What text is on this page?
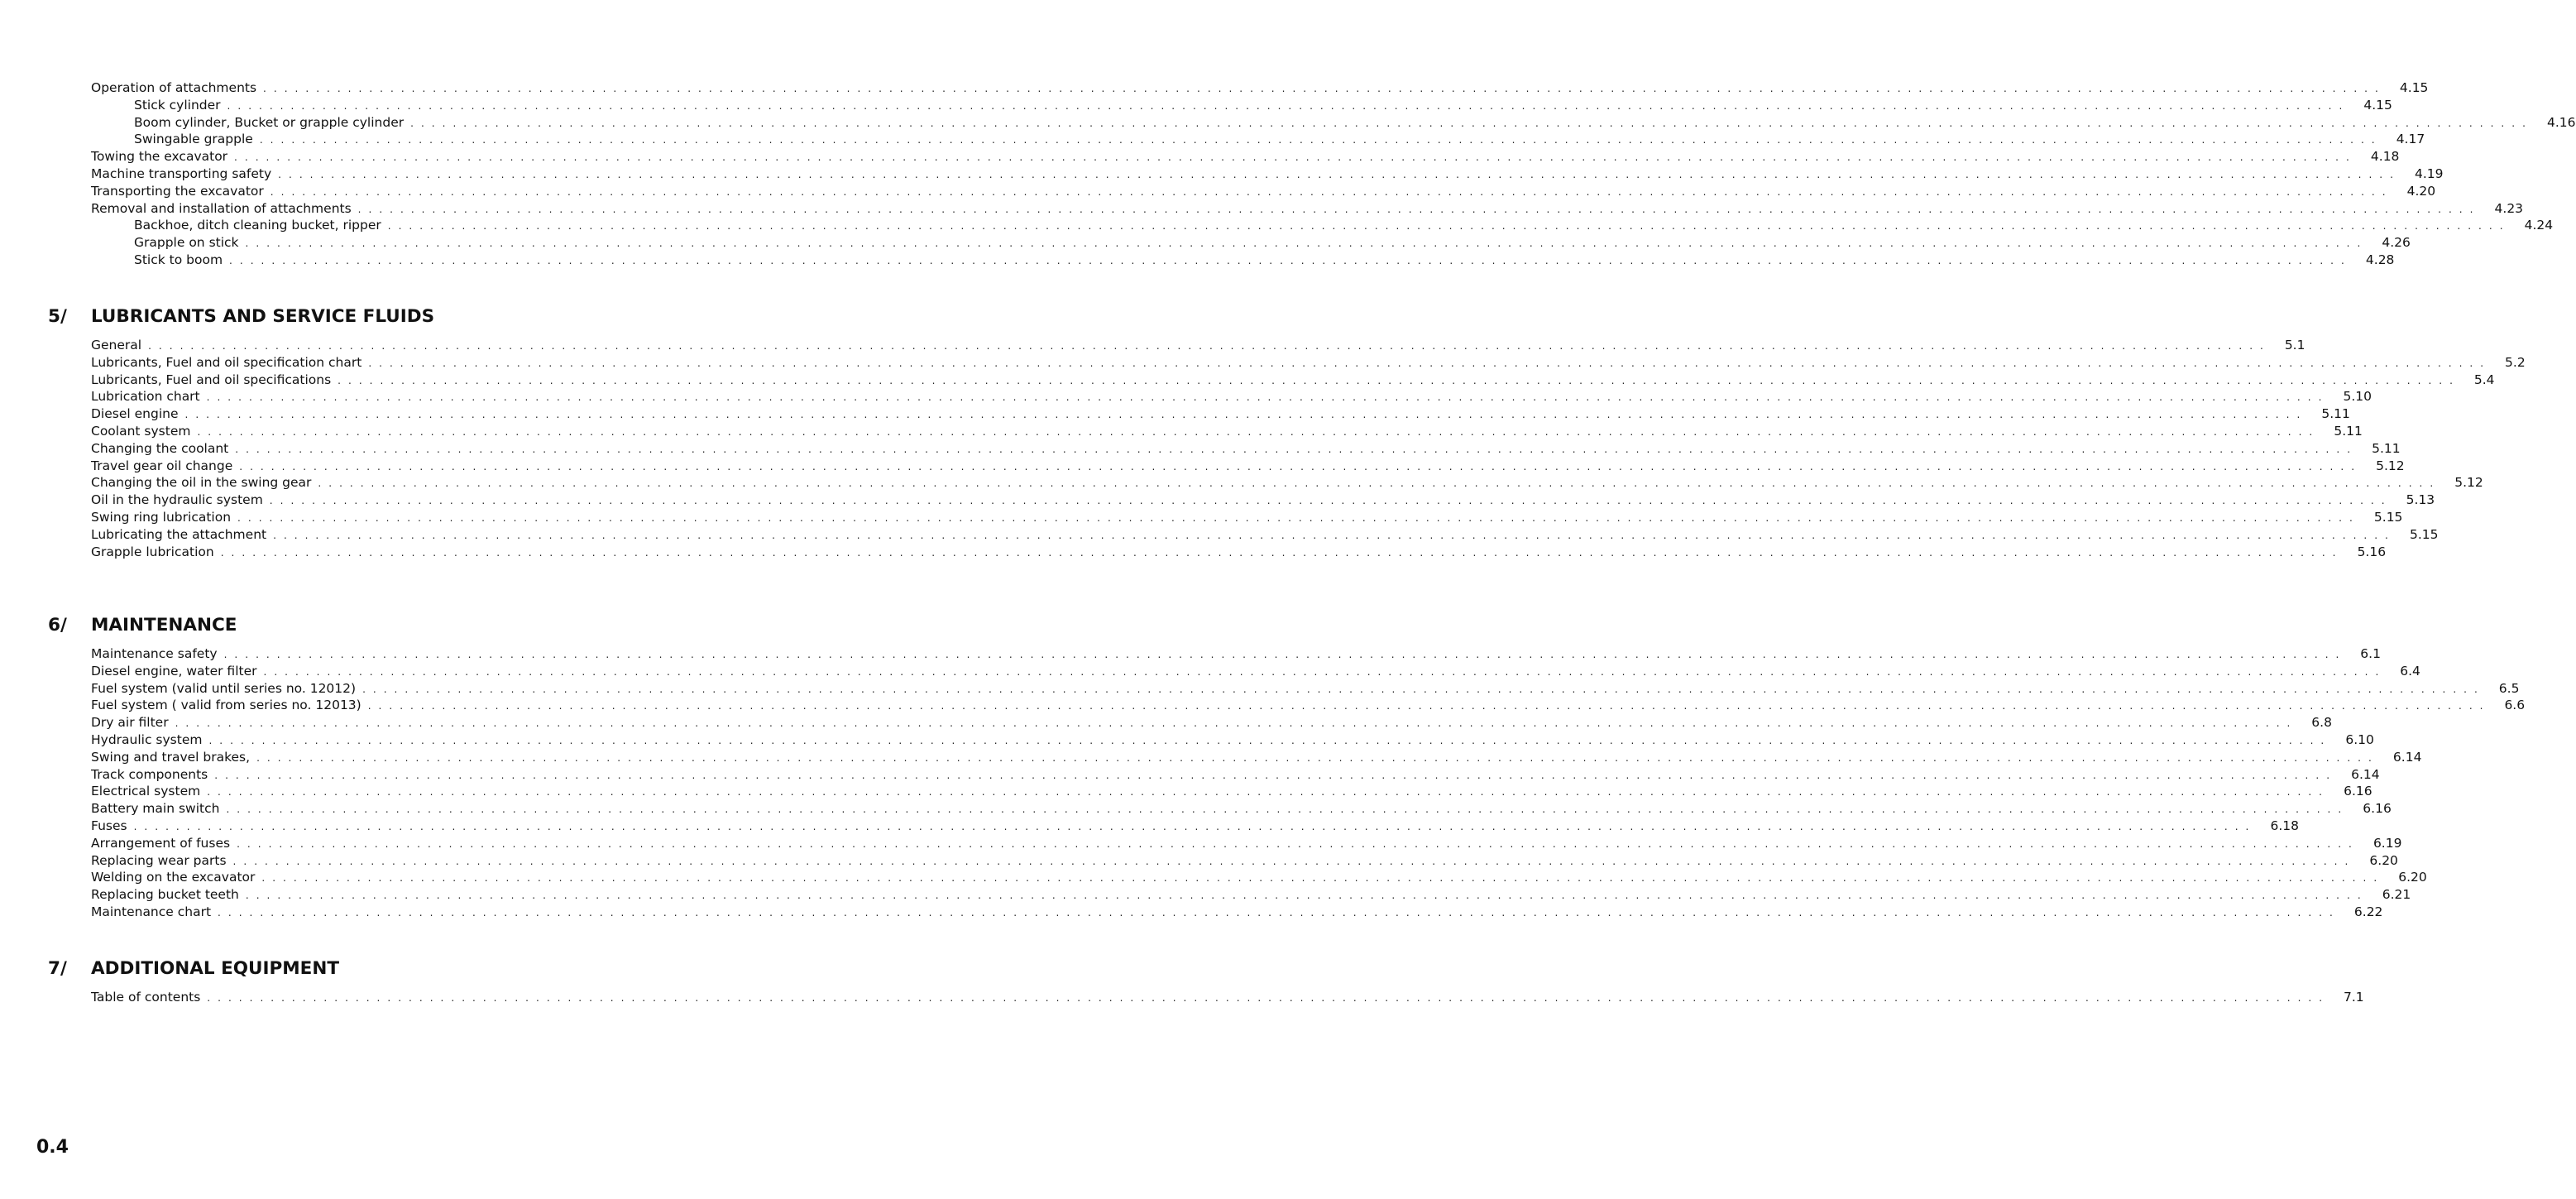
Operation of attachments . . . . . . . . . . . . . . . . . . . . . . . . . . . . . . . . . . . . . . . . . . . . . . . . . . . . . . . . . . . . . . . . . . . . . . . . . . . . . . . . . . . . . . . . . . . . . . . . . . . . . . . . . . . . . . . . . . . . . . . . . . . . . . . . . . . . . . . . . . . . . . . . . . . . . . . . . . . . . . . . . . . . . . . . . . . . . . . . . . . . . . . . . . . . . . . . . . . . . . . .	4.15
Stick cylinder . . . . . . . . . . . . . . . . . . . . . . . . . . . . . . . . . . . . . . . . . . . . . . . . . . . . . . . . . . . . . . . . . . . . . . . . . . . . . . . . . . . . . . . . . . . . . . . . . . . . . . . . . . . . . . . . . . . . . . . . . . . . . . . . . . . . . . . . . . . . . . . . . . . . . . . . . . . . . . . . . . . . . . . . . . . . . . . . . . . . . . . . . . . . . . . . . . . . . . . .	4.15
Boom cylinder, Bucket or grapple cylinder . . . . . . . . . . . . . . . . . . . . . . . . . . . . . . . . . . . . . . . . . . . . . . . . . . . . . . . . . . . . . . . . . . . . . . . . . . . . . . . . . . . . . . . . . . . . . . . . . . . . . . . . . . . . . . . . . . . . . . . . . . . . . . . . . . . . . . . . . . . . . . . . . . . . . . . . . . . . . . . . . . . . . . . . . . . . . . . . . . . . . . . . . . . . . . . . . . . . . . . .	4.16
Swingable grapple . . . . . . . . . . . . . . . . . . . . . . . . . . . . . . . . . . . . . . . . . . . . . . . . . . . . . . . . . . . . . . . . . . . . . . . . . . . . . . . . . . . . . . . . . . . . . . . . . . . . . . . . . . . . . . . . . . . . . . . . . . . . . . . . . . . . . . . . . . . . . . . . . . . . . . . . . . . . . . . . . . . . . . . . . . . . . . . . . . . . . . . . . . . . . . . . . . . . . . . .	4.17
Towing the excavator . . . . . . . . . . . . . . . . . . . . . . . . . . . . . . . . . . . . . . . . . . . . . . . . . . . . . . . . . . . . . . . . . . . . . . . . . . . . . . . . . . . . . . . . . . . . . . . . . . . . . . . . . . . . . . . . . . . . . . . . . . . . . . . . . . . . . . . . . . . . . . . . . . . . . . . . . . . . . . . . . . . . . . . . . . . . . . . . . . . . . . . . . . . . . . . . . . . . . . . .	4.18
Machine transporting safety . . . . . . . . . . . . . . . . . . . . . . . . . . . . . . . . . . . . . . . . . . . . . . . . . . . . . . . . . . . . . . . . . . . . . . . . . . . . . . . . . . . . . . . . . . . . . . . . . . . . . . . . . . . . . . . . . . . . . . . . . . . . . . . . . . . . . . . . . . . . . . . . . . . . . . . . . . . . . . . . . . . . . . . . . . . . . . . . . . . . . . . . . . . . . . . . . . . . . . . .	4.19
Transporting the excavator . . . . . . . . . . . . . . . . . . . . . . . . . . . . . . . . . . . . . . . . . . . . . . . . . . . . . . . . . . . . . . . . . . . . . . . . . . . . . . . . . . . . . . . . . . . . . . . . . . . . . . . . . . . . . . . . . . . . . . . . . . . . . . . . . . . . . . . . . . . . . . . . . . . . . . . . . . . . . . . . . . . . . . . . . . . . . . . . . . . . . . . . . . . . . . . . . . . . . . . .	4.20
Removal and installation of attachments . . . . . . . . . . . . . . . . . . . . . . . . . . . . . . . . . . . . . . . . . . . . . . . . . . . . . . . . . . . . . . . . . . . . . . . . . . . . . . . . . . . . . . . . . . . . . . . . . . . . . . . . . . . . . . . . . . . . . . . . . . . . . . . . . . . . . . . . . . . . . . . . . . . . . . . . . . . . . . . . . . . . . . . . . . . . . . . . . . . . . . . . . . . . . . . . . . . . . . . .	4.23
Backhoe, ditch cleaning bucket, ripper . . . . . . . . . . . . . . . . . . . . . . . . . . . . . . . . . . . . . . . . . . . . . . . . . . . . . . . . . . . . . . . . . . . . . . . . . . . . . . . . . . . . . . . . . . . . . . . . . . . . . . . . . . . . . . . . . . . . . . . . . . . . . . . . . . . . . . . . . . . . . . . . . . . . . . . . . . . . . . . . . . . . . . . . . . . . . . . . . . . . . . . . . . . . . . . . . . . . . . . .	4.24
Grapple on stick . . . . . . . . . . . . . . . . . . . . . . . . . . . . . . . . . . . . . . . . . . . . . . . . . . . . . . . . . . . . . . . . . . . . . . . . . . . . . . . . . . . . . . . . . . . . . . . . . . . . . . . . . . . . . . . . . . . . . . . . . . . . . . . . . . . . . . . . . . . . . . . . . . . . . . . . . . . . . . . . . . . . . . . . . . . . . . . . . . . . . . . . . . . . . . . . . . . . . . . .	4.26
Stick to boom . . . . . . . . . . . . . . . . . . . . . . . . . . . . . . . . . . . . . . . . . . . . . . . . . . . . . . . . . . . . . . . . . . . . . . . . . . . . . . . . . . . . . . . . . . . . . . . . . . . . . . . . . . . . . . . . . . . . . . . . . . . . . . . . . . . . . . . . . . . . . . . . . . . . . . . . . . . . . . . . . . . . . . . . . . . . . . . . . . . . . . . . . . . . . . . . . . . . . . . .	4.28
5/ LUBRICANTS AND SERVICE FLUIDS
General . . . . . . . . . . . . . . . . . . . . . . . . . . . . . . . . . . . . . . . . . . . . . . . . . . . . . . . . . . . . . . . . . . . . . . . . . . . . . . . . . . . . . . . . . . . . . . . . . . . . . . . . . . . . . . . . . . . . . . . . . . . . . . . . . . . . . . . . . . . . . . . . . . . . . . . . . . . . . . . . . . . . . . . . . . . . . . . . . . . . . . . . . . . . . . . . . . . . . . . .	5.1
Lubricants, Fuel and oil specification chart . . . . . . . . . . . . . . . . . . . . . . . . . . . . . . . . . . . . . . . . . . . . . . . . . . . . . . . . . . . . . . . . . . . . . . . . . . . . . . . . . . . . . . . . . . . . . . . . . . . . . . . . . . . . . . . . . . . . . . . . . . . . . . . . . . . . . . . . . . . . . . . . . . . . . . . . . . . . . . . . . . . . . . . . . . . . . . . . . . . . . . . . . . . . . . . . . . . . . . . .	5.2
Lubricants, Fuel and oil specifications . . . . . . . . . . . . . . . . . . . . . . . . . . . . . . . . . . . . . . . . . . . . . . . . . . . . . . . . . . . . . . . . . . . . . . . . . . . . . . . . . . . . . . . . . . . . . . . . . . . . . . . . . . . . . . . . . . . . . . . . . . . . . . . . . . . . . . . . . . . . . . . . . . . . . . . . . . . . . . . . . . . . . . . . . . . . . . . . . . . . . . . . . . . . . . . . . . . . . . . .	5.4
Lubrication chart . . . . . . . . . . . . . . . . . . . . . . . . . . . . . . . . . . . . . . . . . . . . . . . . . . . . . . . . . . . . . . . . . . . . . . . . . . . . . . . . . . . . . . . . . . . . . . . . . . . . . . . . . . . . . . . . . . . . . . . . . . . . . . . . . . . . . . . . . . . . . . . . . . . . . . . . . . . . . . . . . . . . . . . . . . . . . . . . . . . . . . . . . . . . . . . . . . . . . . . .	5.10
Diesel engine . . . . . . . . . . . . . . . . . . . . . . . . . . . . . . . . . . . . . . . . . . . . . . . . . . . . . . . . . . . . . . . . . . . . . . . . . . . . . . . . . . . . . . . . . . . . . . . . . . . . . . . . . . . . . . . . . . . . . . . . . . . . . . . . . . . . . . . . . . . . . . . . . . . . . . . . . . . . . . . . . . . . . . . . . . . . . . . . . . . . . . . . . . . . . . . . . . . . . . . .	5.11
Coolant system . . . . . . . . . . . . . . . . . . . . . . . . . . . . . . . . . . . . . . . . . . . . . . . . . . . . . . . . . . . . . . . . . . . . . . . . . . . . . . . . . . . . . . . . . . . . . . . . . . . . . . . . . . . . . . . . . . . . . . . . . . . . . . . . . . . . . . . . . . . . . . . . . . . . . . . . . . . . . . . . . . . . . . . . . . . . . . . . . . . . . . . . . . . . . . . . . . . . . . . .	5.11
Changing the coolant . . . . . . . . . . . . . . . . . . . . . . . . . . . . . . . . . . . . . . . . . . . . . . . . . . . . . . . . . . . . . . . . . . . . . . . . . . . . . . . . . . . . . . . . . . . . . . . . . . . . . . . . . . . . . . . . . . . . . . . . . . . . . . . . . . . . . . . . . . . . . . . . . . . . . . . . . . . . . . . . . . . . . . . . . . . . . . . . . . . . . . . . . . . . . . . . . . . . . . . .	5.11
Travel gear oil change . . . . . . . . . . . . . . . . . . . . . . . . . . . . . . . . . . . . . . . . . . . . . . . . . . . . . . . . . . . . . . . . . . . . . . . . . . . . . . . . . . . . . . . . . . . . . . . . . . . . . . . . . . . . . . . . . . . . . . . . . . . . . . . . . . . . . . . . . . . . . . . . . . . . . . . . . . . . . . . . . . . . . . . . . . . . . . . . . . . . . . . . . . . . . . . . . . . . . . . .	5.12
Changing the oil in the swing gear . . . . . . . . . . . . . . . . . . . . . . . . . . . . . . . . . . . . . . . . . . . . . . . . . . . . . . . . . . . . . . . . . . . . . . . . . . . . . . . . . . . . . . . . . . . . . . . . . . . . . . . . . . . . . . . . . . . . . . . . . . . . . . . . . . . . . . . . . . . . . . . . . . . . . . . . . . . . . . . . . . . . . . . . . . . . . . . . . . . . . . . . . . . . . . . . . . . . . . . .	5.12
Oil in the hydraulic system . . . . . . . . . . . . . . . . . . . . . . . . . . . . . . . . . . . . . . . . . . . . . . . . . . . . . . . . . . . . . . . . . . . . . . . . . . . . . . . . . . . . . . . . . . . . . . . . . . . . . . . . . . . . . . . . . . . . . . . . . . . . . . . . . . . . . . . . . . . . . . . . . . . . . . . . . . . . . . . . . . . . . . . . . . . . . . . . . . . . . . . . . . . . . . . . . . . . . . . .	5.13
Swing ring lubrication . . . . . . . . . . . . . . . . . . . . . . . . . . . . . . . . . . . . . . . . . . . . . . . . . . . . . . . . . . . . . . . . . . . . . . . . . . . . . . . . . . . . . . . . . . . . . . . . . . . . . . . . . . . . . . . . . . . . . . . . . . . . . . . . . . . . . . . . . . . . . . . . . . . . . . . . . . . . . . . . . . . . . . . . . . . . . . . . . . . . . . . . . . . . . . . . . . . . . . . .	5.15
Lubricating the attachment . . . . . . . . . . . . . . . . . . . . . . . . . . . . . . . . . . . . . . . . . . . . . . . . . . . . . . . . . . . . . . . . . . . . . . . . . . . . . . . . . . . . . . . . . . . . . . . . . . . . . . . . . . . . . . . . . . . . . . . . . . . . . . . . . . . . . . . . . . . . . . . . . . . . . . . . . . . . . . . . . . . . . . . . . . . . . . . . . . . . . . . . . . . . . . . . . . . . . . . .	5.15
Grapple lubrication . . . . . . . . . . . . . . . . . . . . . . . . . . . . . . . . . . . . . . . . . . . . . . . . . . . . . . . . . . . . . . . . . . . . . . . . . . . . . . . . . . . . . . . . . . . . . . . . . . . . . . . . . . . . . . . . . . . . . . . . . . . . . . . . . . . . . . . . . . . . . . . . . . . . . . . . . . . . . . . . . . . . . . . . . . . . . . . . . . . . . . . . . . . . . . . . . . . . . . . .	5.16
6/ MAINTENANCE
Maintenance safety . . . . . . . . . . . . . . . . . . . . . . . . . . . . . . . . . . . . . . . . . . . . . . . . . . . . . . . . . . . . . . . . . . . . . . . . . . . . . . . . . . . . . . . . . . . . . . . . . . . . . . . . . . . . . . . . . . . . . . . . . . . . . . . . . . . . . . . . . . . . . . . . . . . . . . . . . . . . . . . . . . . . . . . . . . . . . . . . . . . . . . . . . . . . . . . . . . . . . . . .	6.1
Diesel engine, water filter . . . . . . . . . . . . . . . . . . . . . . . . . . . . . . . . . . . . . . . . . . . . . . . . . . . . . . . . . . . . . . . . . . . . . . . . . . . . . . . . . . . . . . . . . . . . . . . . . . . . . . . . . . . . . . . . . . . . . . . . . . . . . . . . . . . . . . . . . . . . . . . . . . . . . . . . . . . . . . . . . . . . . . . . . . . . . . . . . . . . . . . . . . . . . . . . . . . . . . . .	6.4
Fuel system (valid until series no. 12012) . . . . . . . . . . . . . . . . . . . . . . . . . . . . . . . . . . . . . . . . . . . . . . . . . . . . . . . . . . . . . . . . . . . . . . . . . . . . . . . . . . . . . . . . . . . . . . . . . . . . . . . . . . . . . . . . . . . . . . . . . . . . . . . . . . . . . . . . . . . . . . . . . . . . . . . . . . . . . . . . . . . . . . . . . . . . . . . . . . . . . . . . . . . . . . . . . . . . . . . .	6.5
Fuel system ( valid from series no. 12013) . . . . . . . . . . . . . . . . . . . . . . . . . . . . . . . . . . . . . . . . . . . . . . . . . . . . . . . . . . . . . . . . . . . . . . . . . . . . . . . . . . . . . . . . . . . . . . . . . . . . . . . . . . . . . . . . . . . . . . . . . . . . . . . . . . . . . . . . . . . . . . . . . . . . . . . . . . . . . . . . . . . . . . . . . . . . . . . . . . . . . . . . . . . . . . . . . . . . . . . .	6.6
Dry air filter . . . . . . . . . . . . . . . . . . . . . . . . . . . . . . . . . . . . . . . . . . . . . . . . . . . . . . . . . . . . . . . . . . . . . . . . . . . . . . . . . . . . . . . . . . . . . . . . . . . . . . . . . . . . . . . . . . . . . . . . . . . . . . . . . . . . . . . . . . . . . . . . . . . . . . . . . . . . . . . . . . . . . . . . . . . . . . . . . . . . . . . . . . . . . . . . . . . . . . . .	6.8
Hydraulic system . . . . . . . . . . . . . . . . . . . . . . . . . . . . . . . . . . . . . . . . . . . . . . . . . . . . . . . . . . . . . . . . . . . . . . . . . . . . . . . . . . . . . . . . . . . . . . . . . . . . . . . . . . . . . . . . . . . . . . . . . . . . . . . . . . . . . . . . . . . . . . . . . . . . . . . . . . . . . . . . . . . . . . . . . . . . . . . . . . . . . . . . . . . . . . . . . . . . . . . .	6.10
Swing and travel brakes, . . . . . . . . . . . . . . . . . . . . . . . . . . . . . . . . . . . . . . . . . . . . . . . . . . . . . . . . . . . . . . . . . . . . . . . . . . . . . . . . . . . . . . . . . . . . . . . . . . . . . . . . . . . . . . . . . . . . . . . . . . . . . . . . . . . . . . . . . . . . . . . . . . . . . . . . . . . . . . . . . . . . . . . . . . . . . . . . . . . . . . . . . . . . . . . . . . . . . . . .	6.14
Track components . . . . . . . . . . . . . . . . . . . . . . . . . . . . . . . . . . . . . . . . . . . . . . . . . . . . . . . . . . . . . . . . . . . . . . . . . . . . . . . . . . . . . . . . . . . . . . . . . . . . . . . . . . . . . . . . . . . . . . . . . . . . . . . . . . . . . . . . . . . . . . . . . . . . . . . . . . . . . . . . . . . . . . . . . . . . . . . . . . . . . . . . . . . . . . . . . . . . . . . .	6.14
Electrical system . . . . . . . . . . . . . . . . . . . . . . . . . . . . . . . . . . . . . . . . . . . . . . . . . . . . . . . . . . . . . . . . . . . . . . . . . . . . . . . . . . . . . . . . . . . . . . . . . . . . . . . . . . . . . . . . . . . . . . . . . . . . . . . . . . . . . . . . . . . . . . . . . . . . . . . . . . . . . . . . . . . . . . . . . . . . . . . . . . . . . . . . . . . . . . . . . . . . . . . .	6.16
Battery main switch . . . . . . . . . . . . . . . . . . . . . . . . . . . . . . . . . . . . . . . . . . . . . . . . . . . . . . . . . . . . . . . . . . . . . . . . . . . . . . . . . . . . . . . . . . . . . . . . . . . . . . . . . . . . . . . . . . . . . . . . . . . . . . . . . . . . . . . . . . . . . . . . . . . . . . . . . . . . . . . . . . . . . . . . . . . . . . . . . . . . . . . . . . . . . . . . . . . . . . . .	6.16
Fuses . . . . . . . . . . . . . . . . . . . . . . . . . . . . . . . . . . . . . . . . . . . . . . . . . . . . . . . . . . . . . . . . . . . . . . . . . . . . . . . . . . . . . . . . . . . . . . . . . . . . . . . . . . . . . . . . . . . . . . . . . . . . . . . . . . . . . . . . . . . . . . . . . . . . . . . . . . . . . . . . . . . . . . . . . . . . . . . . . . . . . . . . . . . . . . . . . . . . . . . .	6.18
Arrangement of fuses . . . . . . . . . . . . . . . . . . . . . . . . . . . . . . . . . . . . . . . . . . . . . . . . . . . . . . . . . . . . . . . . . . . . . . . . . . . . . . . . . . . . . . . . . . . . . . . . . . . . . . . . . . . . . . . . . . . . . . . . . . . . . . . . . . . . . . . . . . . . . . . . . . . . . . . . . . . . . . . . . . . . . . . . . . . . . . . . . . . . . . . . . . . . . . . . . . . . . . . .	6.19
Replacing wear parts . . . . . . . . . . . . . . . . . . . . . . . . . . . . . . . . . . . . . . . . . . . . . . . . . . . . . . . . . . . . . . . . . . . . . . . . . . . . . . . . . . . . . . . . . . . . . . . . . . . . . . . . . . . . . . . . . . . . . . . . . . . . . . . . . . . . . . . . . . . . . . . . . . . . . . . . . . . . . . . . . . . . . . . . . . . . . . . . . . . . . . . . . . . . . . . . . . . . . . . .	6.20
Welding on the excavator . . . . . . . . . . . . . . . . . . . . . . . . . . . . . . . . . . . . . . . . . . . . . . . . . . . . . . . . . . . . . . . . . . . . . . . . . . . . . . . . . . . . . . . . . . . . . . . . . . . . . . . . . . . . . . . . . . . . . . . . . . . . . . . . . . . . . . . . . . . . . . . . . . . . . . . . . . . . . . . . . . . . . . . . . . . . . . . . . . . . . . . . . . . . . . . . . . . . . . . .	6.20
Replacing bucket teeth . . . . . . . . . . . . . . . . . . . . . . . . . . . . . . . . . . . . . . . . . . . . . . . . . . . . . . . . . . . . . . . . . . . . . . . . . . . . . . . . . . . . . . . . . . . . . . . . . . . . . . . . . . . . . . . . . . . . . . . . . . . . . . . . . . . . . . . . . . . . . . . . . . . . . . . . . . . . . . . . . . . . . . . . . . . . . . . . . . . . . . . . . . . . . . . . . . . . . . . .	6.21
Maintenance chart . . . . . . . . . . . . . . . . . . . . . . . . . . . . . . . . . . . . . . . . . . . . . . . . . . . . . . . . . . . . . . . . . . . . . . . . . . . . . . . . . . . . . . . . . . . . . . . . . . . . . . . . . . . . . . . . . . . . . . . . . . . . . . . . . . . . . . . . . . . . . . . . . . . . . . . . . . . . . . . . . . . . . . . . . . . . . . . . . . . . . . . . . . . . . . . . . . . . . . . .	6.22
7/ ADDITIONAL EQUIPMENT
Table of contents . . . . . . . . . . . . . . . . . . . . . . . . . . . . . . . . . . . . . . . . . . . . . . . . . . . . . . . . . . . . . . . . . . . . . . . . . . . . . . . . . . . . . . . . . . . . . . . . . . . . . . . . . . . . . . . . . . . . . . . . . . . . . . . . . . . . . . . . . . . . . . . . . . . . . . . . . . . . . . . . . . . . . . . . . . . . . . . . . . . . . . . . . . . . . . . . . . . . . . . .	7.1
0.4
